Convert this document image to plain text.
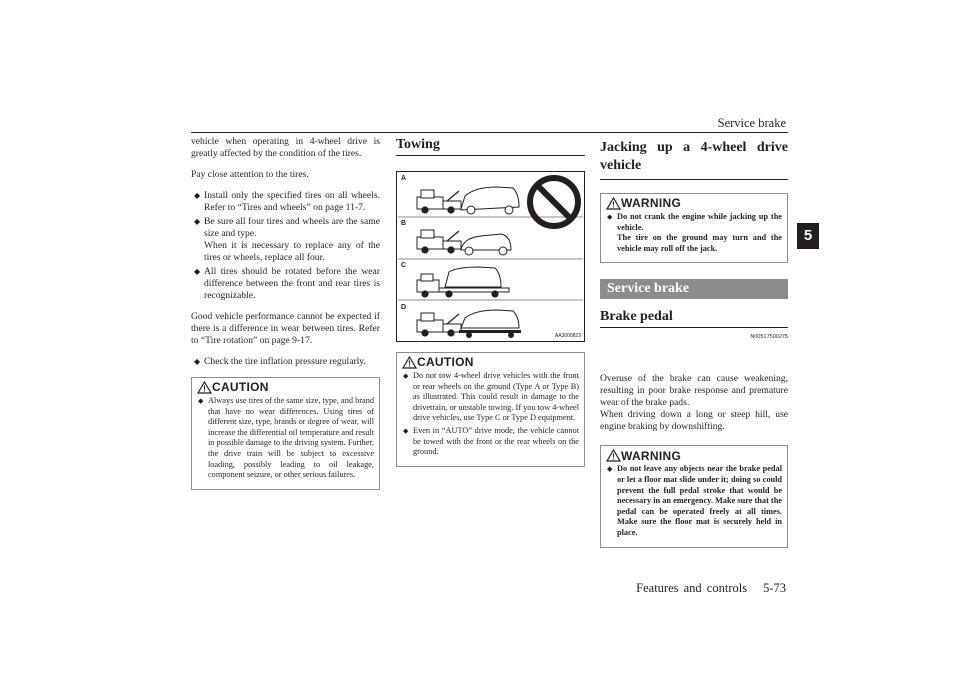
Service brake
5

vehicle when operating in 4-wheel drive is greatly affected by the condition of the tires.

Pay close attention to the tires.

◆ Install only the specified tires on all wheels. Refer to “Tires and wheels” on page 11-7.
◆ Be sure all four tires and wheels are the same size and type.
When it is necessary to replace any of the tires or wheels, replace all four.
◆ All tires should be rotated before the wear difference between the front and rear tires is recognizable.

Good vehicle performance cannot be expected if there is a difference in wear between tires. Refer to “Tire rotation” on page 9-17.

◆ Check the tire inflation pressure regularly.
! CAUTION
◆ Always use tires of the same size, type, and brand that have no wear differences. Using tires of different size, type, brands or degree of wear, will increase the differential oil temperature and result in possible damage to the driving system. Further, the drive train will be subject to excessive loading, possibly leading to oil leakage, component seizure, or other serious failures.
Towing
A
B
C
D
AA3000823
! CAUTION
◆ Do not tow 4-wheel drive vehicles with the front or rear wheels on the ground (Type A or Type B) as illustrated. This could result in damage to the drivetrain, or unstable towing. If you tow 4-wheel drive vehicles, use Type C or Type D equipment.
◆ Even in “AUTO” drive mode, the vehicle cannot be towed with the front or the rear wheels on the ground.
Jacking up a 4-wheel drive vehicle
! WARNING
◆ Do not crank the engine while jacking up the vehicle.
The tire on the ground may turn and the vehicle may roll off the jack.
Service brake
Brake pedal
N00517500275

Overuse of the brake can cause weakening, resulting in poor brake response and premature wear of the brake pads.

When driving down a long or steep hill, use engine braking by downshifting.

! WARNING
◆ Do not leave any objects near the brake pedal or let a floor mat slide under it; doing so could prevent the full pedal stroke that would be necessary in an emergency. Make sure that the pedal can be operated freely at all times. Make sure the floor mat is securely held in place.
Features and controls 5-73
